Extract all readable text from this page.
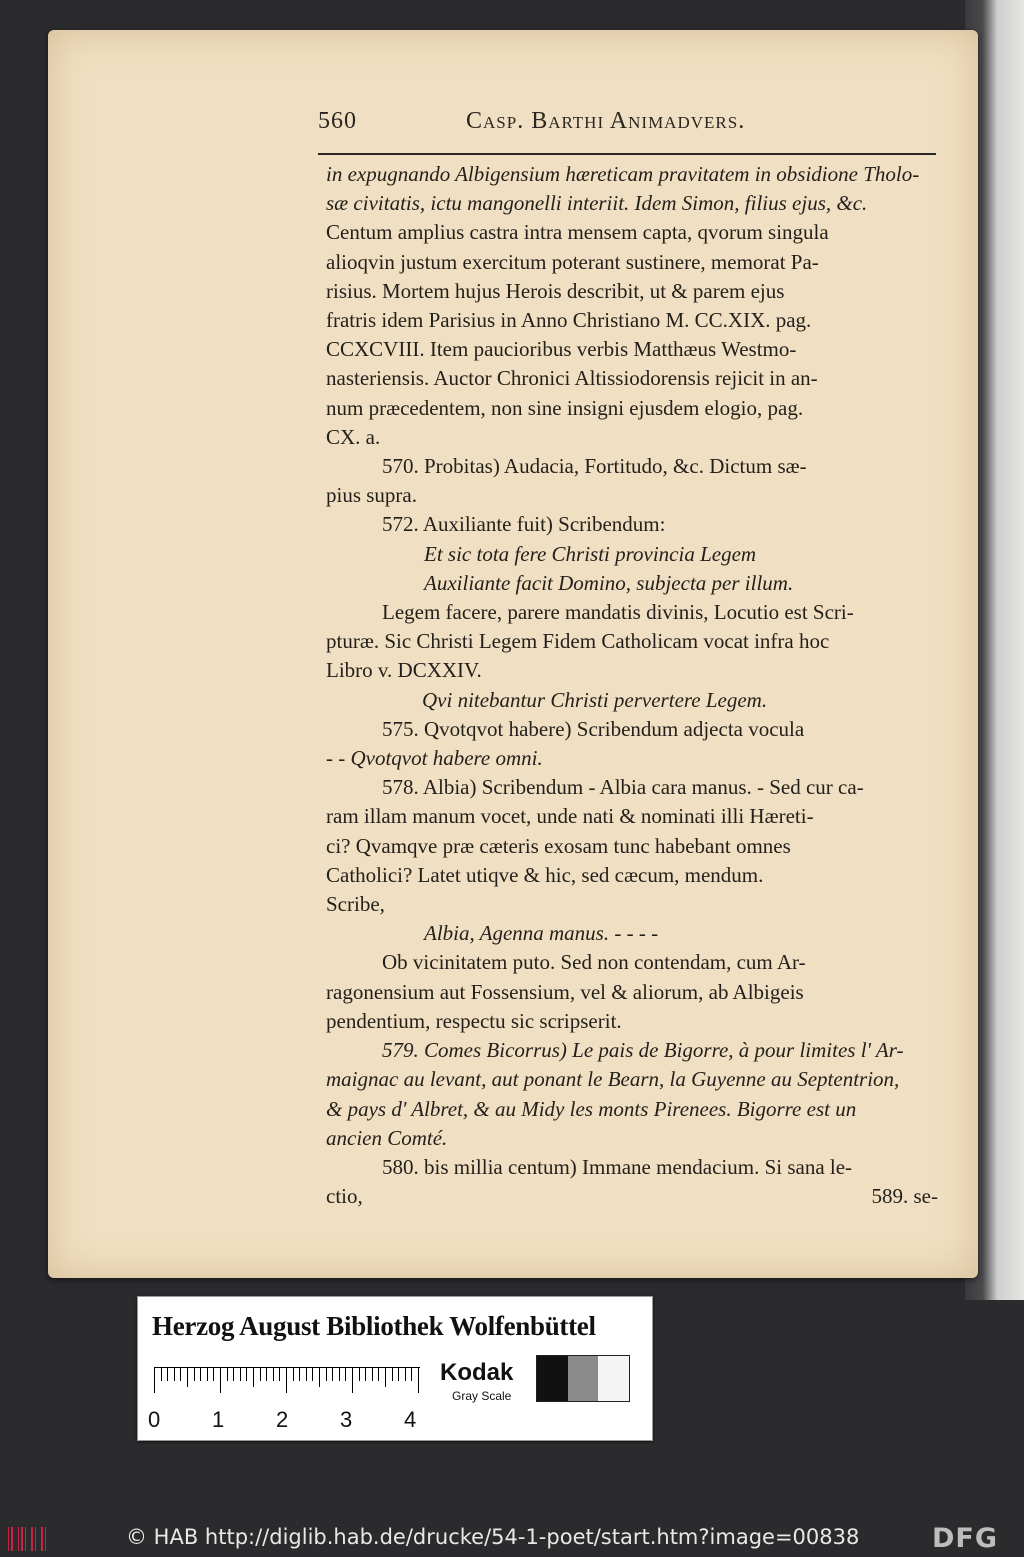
560	Casp. Barthi Animadvers.

in expugnando Albigensium hæreticam pravitatem in obsidione Tholo-

sæ civitatis, ictu mangonelli interiit. Idem Simon, filius ejus, &c.

Centum amplius castra intra mensem capta, qvorum singula

alioqvin justum exercitum poterant sustinere, memorat Pa-

risius. Mortem hujus Herois describit, ut & parem ejus

fratris idem Parisius in Anno Christiano M. CC.XIX. pag.

CCXCVIII. Item paucioribus verbis Matthæus Westmo-

nasteriensis. Auctor Chronici Altissiodorensis rejicit in an-

num præcedentem, non sine insigni ejusdem elogio, pag.

CX. a.

570. Probitas) Audacia, Fortitudo, &c. Dictum sæ-

pius supra.

572. Auxiliante fuit) Scribendum:

Et sic tota fere Christi provincia Legem

Auxiliante facit Domino, subjecta per illum.

Legem facere, parere mandatis divinis, Locutio est Scri-

pturæ. Sic Christi Legem Fidem Catholicam vocat infra hoc

Libro v. DCXXIV.

Qvi nitebantur Christi pervertere Legem.

575. Qvotqvot habere) Scribendum adjecta vocula

- - Qvotqvot habere omni.

578. Albia) Scribendum - Albia cara manus. - Sed cur ca-

ram illam manum vocet, unde nati & nominati illi Hæreti-

ci? Qvamqve præ cæteris exosam tunc habebant omnes

Catholici? Latet utiqve & hic, sed cæcum, mendum.

Scribe,

Albia, Agenna manus. - - - -

Ob vicinitatem puto. Sed non contendam, cum Ar-

ragonensium aut Fossensium, vel & aliorum, ab Albigeis

pendentium, respectu sic scripserit.

579. Comes Bicorrus) Le pais de Bigorre, à pour limites l' Ar-

maignac au levant, aut ponant le Bearn, la Guyenne au Septentrion,

& pays d' Albret, & au Midy les monts Pirenees. Bigorre est un

ancien Comté.

580. bis millia centum) Immane mendacium. Si sana le-

ctio,	589. se-

Herzog August Bibliothek Wolfenbüttel
0 1 2 3 4
Kodak
Gray Scale
© HAB http://diglib.hab.de/drucke/54-1-poet/start.htm?image=00838	DFG
